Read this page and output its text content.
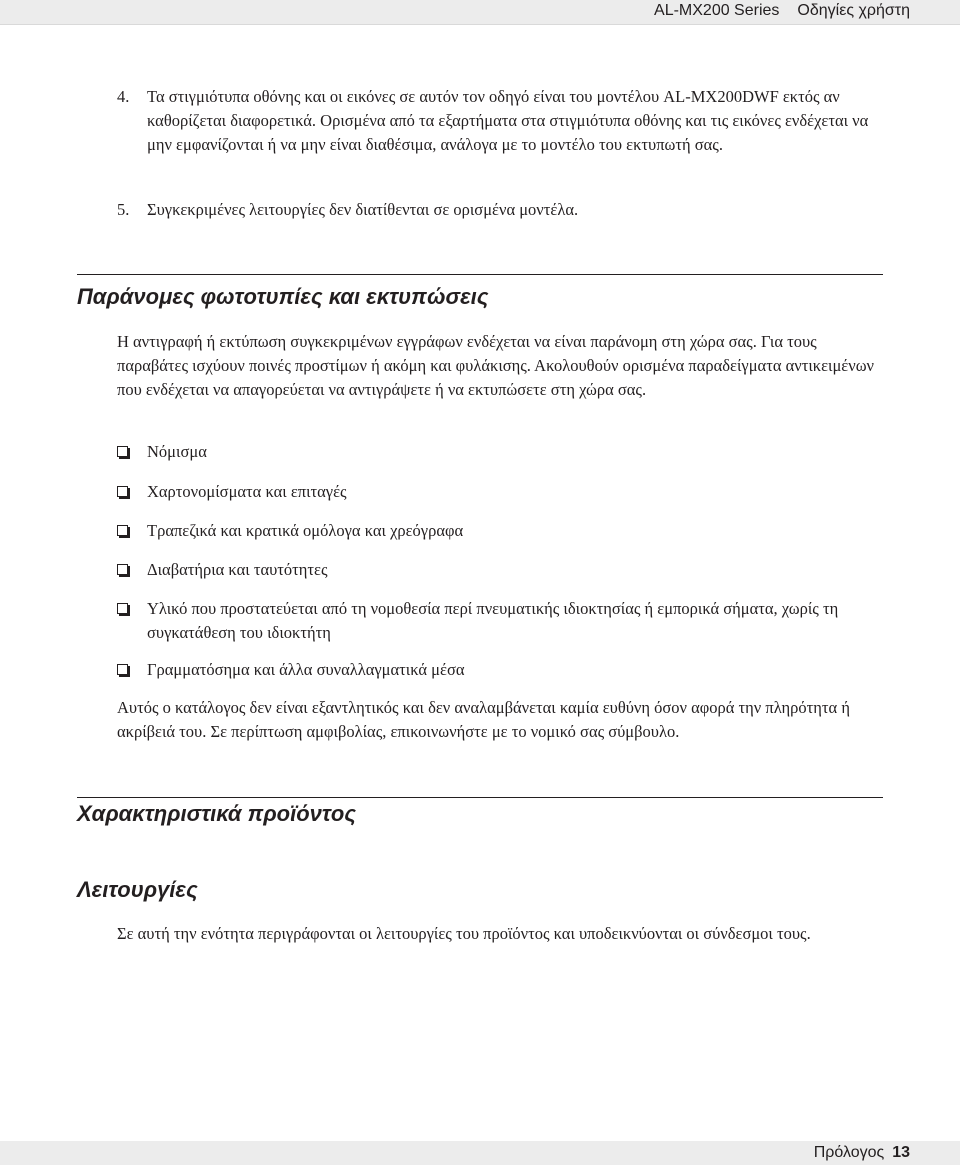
AL-MX200 Series Οδηγίες χρήστη
4. Τα στιγμιότυπα οθόνης και οι εικόνες σε αυτόν τον οδηγό είναι του μοντέλου AL-MX200DWF εκτός αν καθορίζεται διαφορετικά. Ορισμένα από τα εξαρτήματα στα στιγμιότυπα οθόνης και τις εικόνες ενδέχεται να μην εμφανίζονται ή να μην είναι διαθέσιμα, ανάλογα με το μοντέλο του εκτυπωτή σας.
5. Συγκεκριμένες λειτουργίες δεν διατίθενται σε ορισμένα μοντέλα.
Παράνομες φωτοτυπίες και εκτυπώσεις

Η αντιγραφή ή εκτύπωση συγκεκριμένων εγγράφων ενδέχεται να είναι παράνομη στη χώρα σας. Για τους παραβάτες ισχύουν ποινές προστίμων ή ακόμη και φυλάκισης. Ακολουθούν ορισμένα παραδείγματα αντικειμένων που ενδέχεται να απαγορεύεται να αντιγράψετε ή να εκτυπώσετε στη χώρα σας.

Νόμισμα
Χαρτονομίσματα και επιταγές
Τραπεζικά και κρατικά ομόλογα και χρεόγραφα
Διαβατήρια και ταυτότητες
Υλικό που προστατεύεται από τη νομοθεσία περί πνευματικής ιδιοκτησίας ή εμπορικά σήματα, χωρίς τη συγκατάθεση του ιδιοκτήτη
Γραμματόσημα και άλλα συναλλαγματικά μέσα

Αυτός ο κατάλογος δεν είναι εξαντλητικός και δεν αναλαμβάνεται καμία ευθύνη όσον αφορά την πληρότητα ή ακρίβειά του. Σε περίπτωση αμφιβολίας, επικοινωνήστε με το νομικό σας σύμβουλο.

Χαρακτηριστικά προϊόντος
Λειτουργίες

Σε αυτή την ενότητα περιγράφονται οι λειτουργίες του προϊόντος και υποδεικνύονται οι σύνδεσμοι τους.

Πρόλογος 13
